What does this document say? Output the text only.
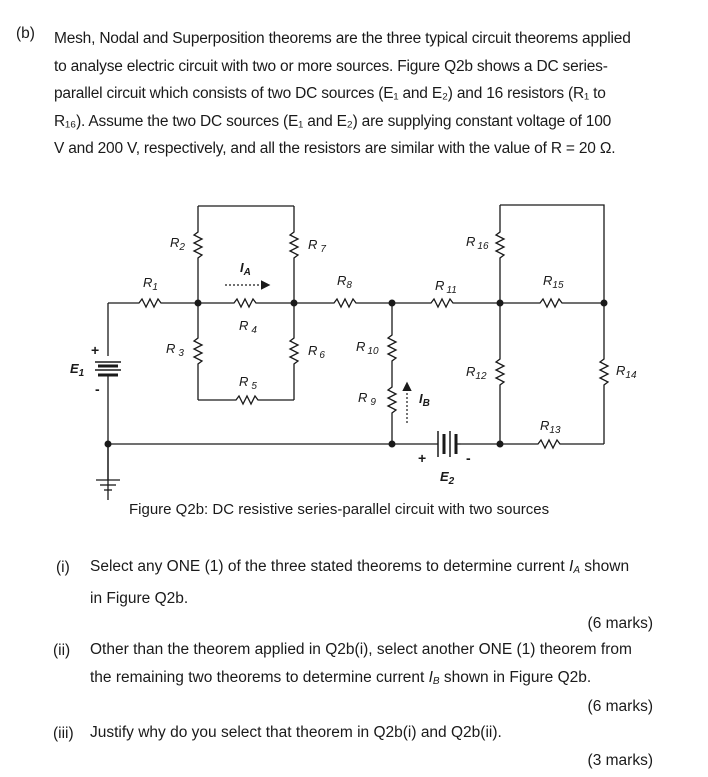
(b) Mesh, Nodal and Superposition theorems are the three typical circuit theorems applied
to analyse electric circuit with two or more sources. Figure Q2b shows a DC series-
parallel circuit which consists of two DC sources (E₁ and E₂) and 16 resistors (R₁ to
R₁₆). Assume the two DC sources (E₁ and E₂) are supplying constant voltage of 100
V and 200 V, respectively, and all the resistors are similar with the value of R = 20 Ω.
$R_1$
$R_2$
R $_3$
R $_4$
R $_5$
R $_6$
R $_7$
$R_8$
R $_9$
R $_{10}$
R $_{11}$
$R_{12}$
$R_{13}$
$R_{14}$
$R_{15}$
R $_{16}$
$E_1$
$E_2$
$I_A$
$I_B$
+
-
+	-
Figure Q2b: DC resistive series-parallel circuit with two sources
(i) Select any ONE (1) of the three stated theorems to determine current $I_A$ shown
in Figure Q2b.
(6 marks)
(ii) Other than the theorem applied in Q2b(i), select another ONE (1) theorem from
the remaining two theorems to determine current $I_B$ shown in Figure Q2b.
(6 marks)
(iii) Justify why do you select that theorem in Q2b(i) and Q2b(ii).
(3 marks)
